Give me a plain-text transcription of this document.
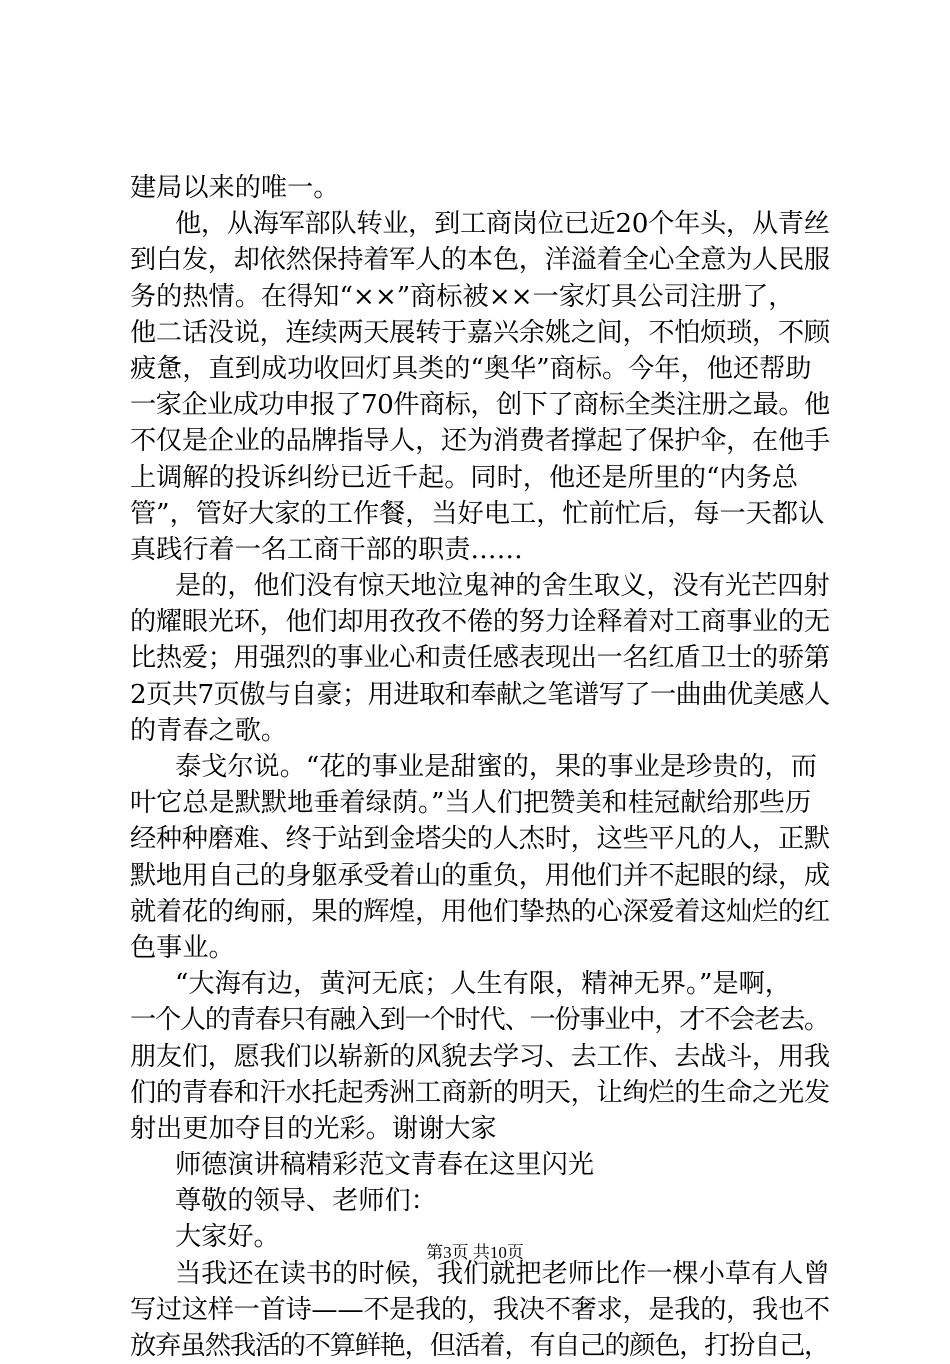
建局以来的唯一。
他，从海军部队转业，到工商岗位已近20个年头，从青丝
到白发，却依然保持着军人的本色，洋溢着全心全意为人民服
务的热情。在得知“××”商标被××一家灯具公司注册了，
他二话没说，连续两天展转于嘉兴余姚之间，不怕烦琐，不顾
疲惫，直到成功收回灯具类的“奥华”商标。今年，他还帮助
一家企业成功申报了70件商标，创下了商标全类注册之最。他
不仅是企业的品牌指导人，还为消费者撑起了保护伞，在他手
上调解的投诉纠纷已近千起。同时，他还是所里的“内务总
管”，管好大家的工作餐，当好电工，忙前忙后，每一天都认
真践行着一名工商干部的职责……
是的，他们没有惊天地泣鬼神的舍生取义，没有光芒四射
的耀眼光环，他们却用孜孜不倦的努力诠释着对工商事业的无
比热爱；用强烈的事业心和责任感表现出一名红盾卫士的骄第
2页共7页傲与自豪；用进取和奉献之笔谱写了一曲曲优美感人
的青春之歌。
泰戈尔说。“花的事业是甜蜜的，果的事业是珍贵的，而
叶它总是默默地垂着绿荫。”当人们把赞美和桂冠献给那些历
经种种磨难、终于站到金塔尖的人杰时，这些平凡的人，正默
默地用自己的身躯承受着山的重负，用他们并不起眼的绿，成
就着花的绚丽，果的辉煌，用他们挚热的心深爱着这灿烂的红
色事业。
“大海有边，黄河无底；人生有限，精神无界。”是啊，
一个人的青春只有融入到一个时代、一份事业中，才不会老去。
朋友们，愿我们以崭新的风貌去学习、去工作、去战斗，用我
们的青春和汗水托起秀洲工商新的明天，让绚烂的生命之光发
射出更加夺目的光彩。谢谢大家
师德演讲稿精彩范文青春在这里闪光
尊敬的领导、老师们：
大家好。
当我还在读书的时候，我们就把老师比作一棵小草有人曾
写过这样一首诗——不是我的，我决不奢求，是我的，我也不
放弃虽然我活的不算鲜艳，但活着，有自己的颜色，打扮自己，
第3页 共10页
